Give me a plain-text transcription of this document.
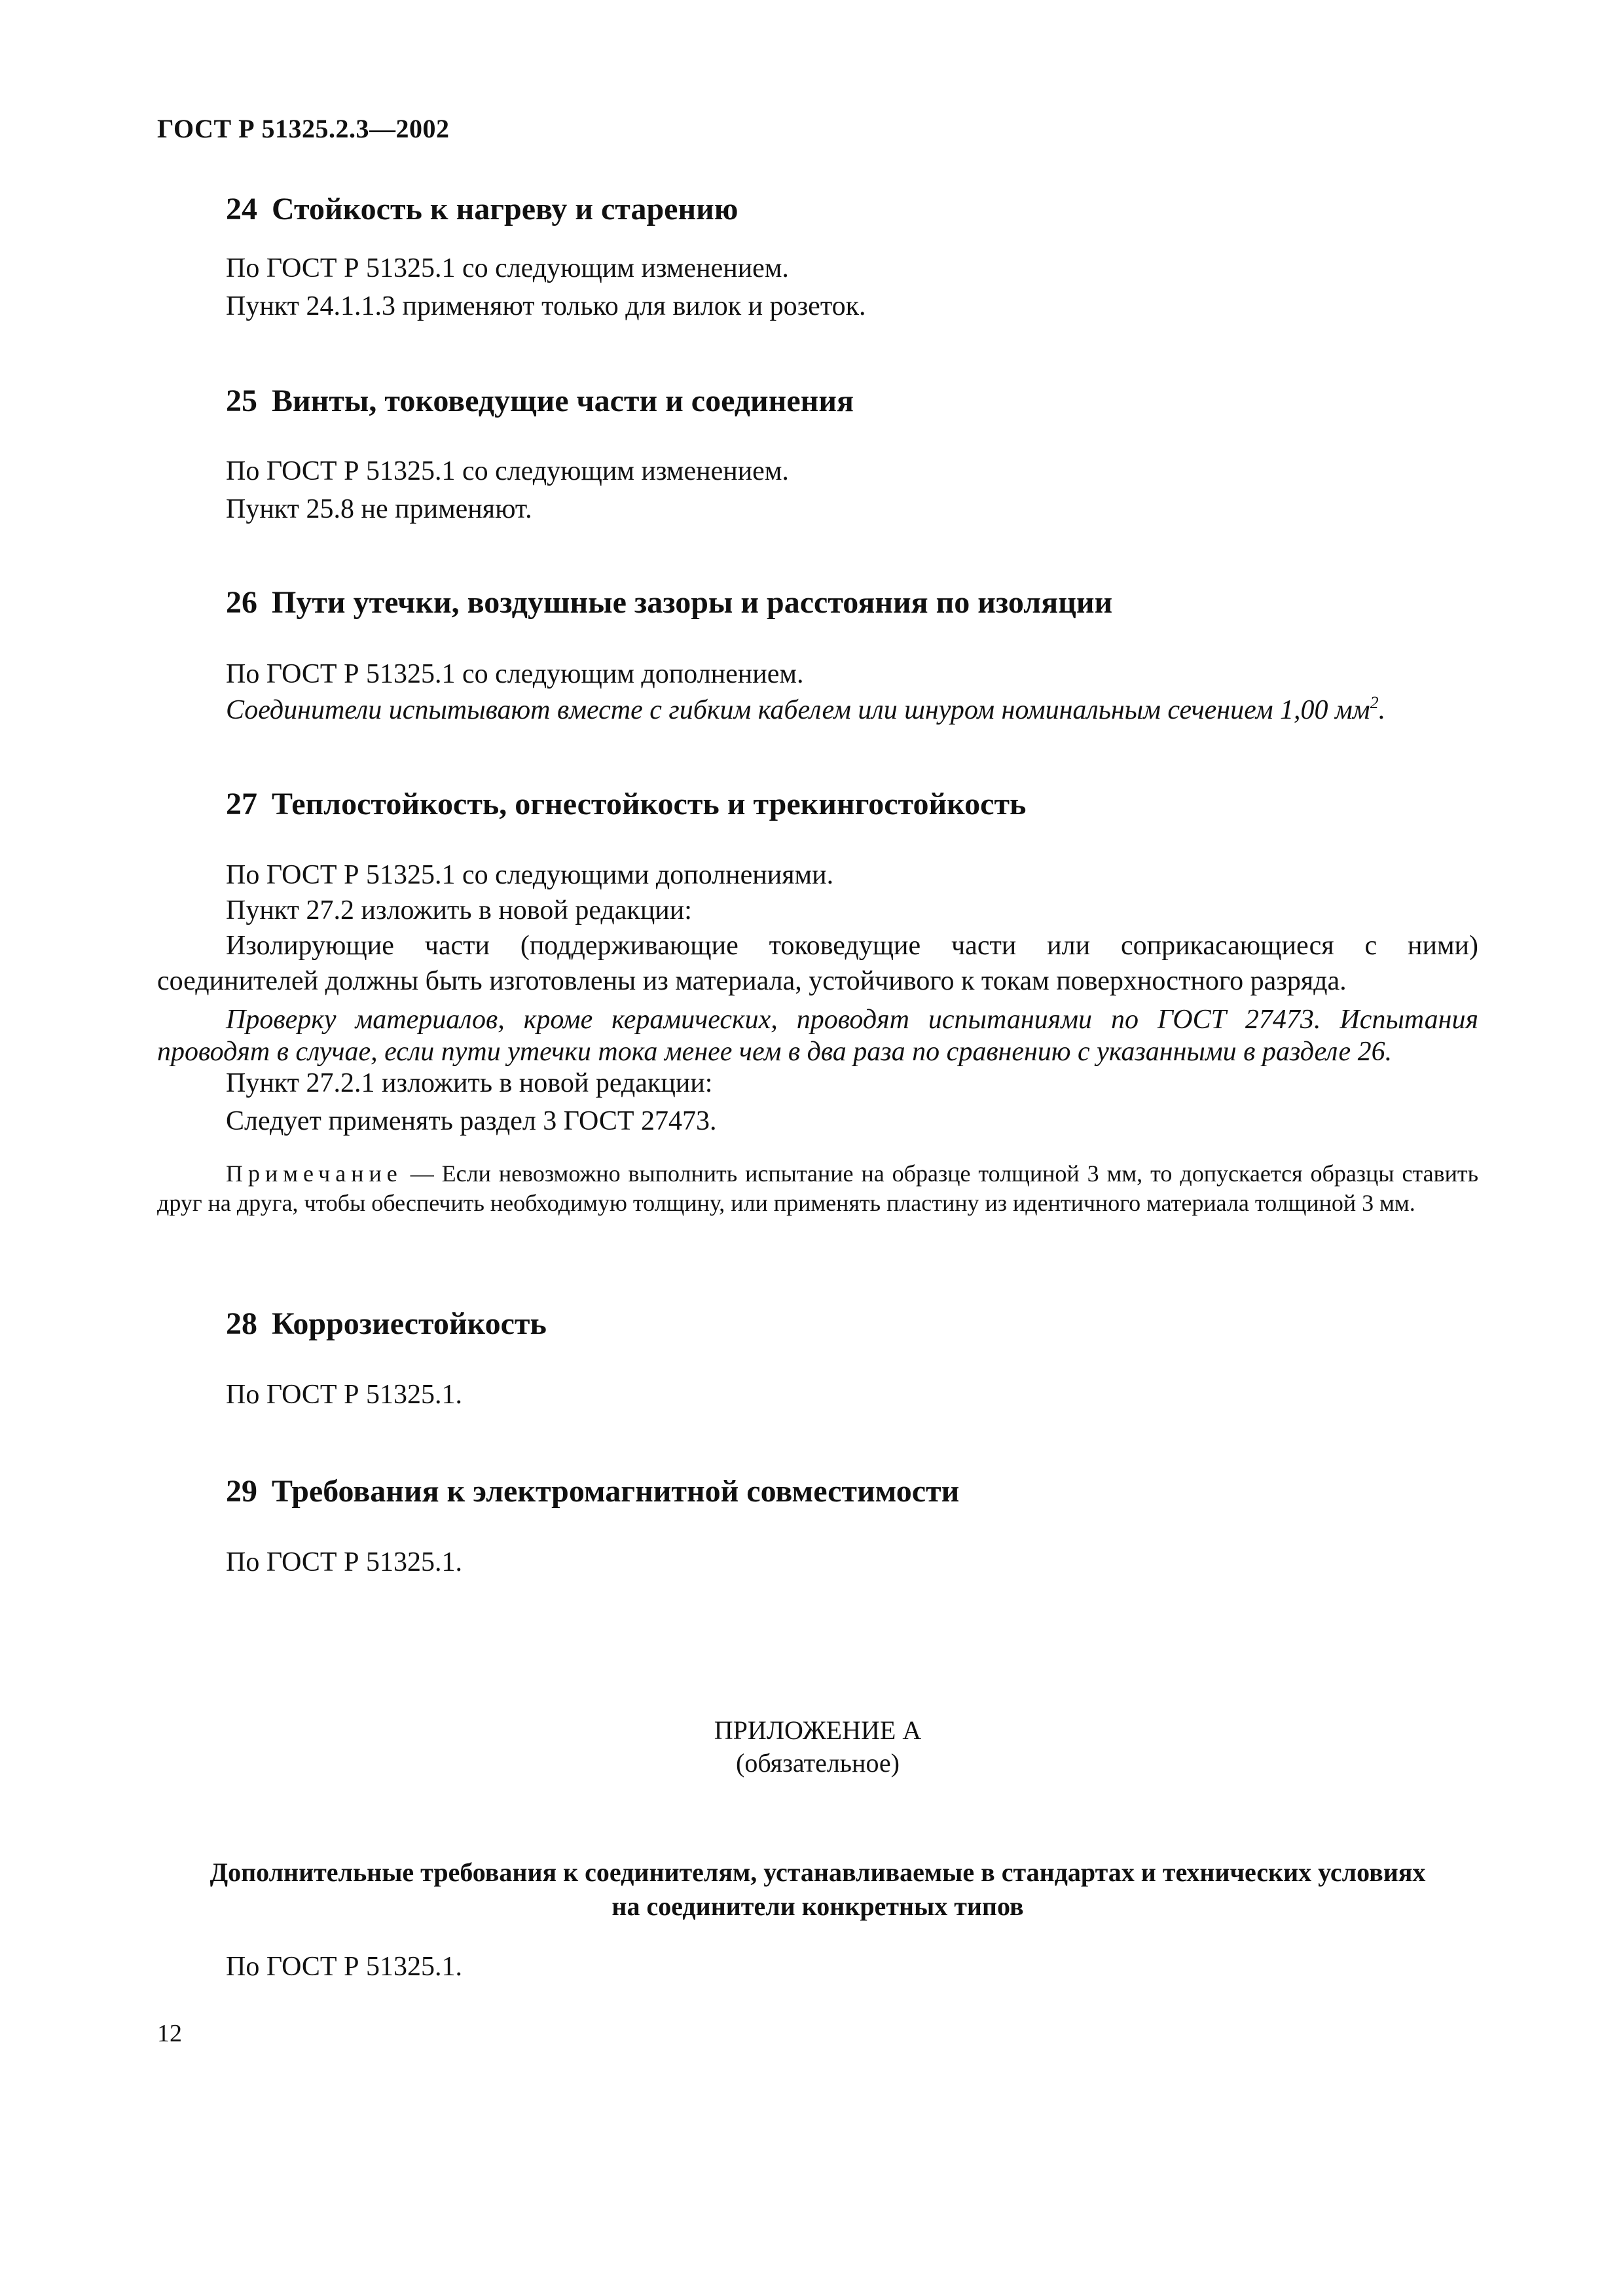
ГОСТ Р 51325.2.3—2002
24 Стойкость к нагреву и старению
По ГОСТ Р 51325.1 со следующим изменением.
Пункт 24.1.1.3 применяют только для вилок и розеток.
25 Винты, токоведущие части и соединения
По ГОСТ Р 51325.1 со следующим изменением.
Пункт 25.8 не применяют.
26 Пути утечки, воздушные зазоры и расстояния по изоляции
По ГОСТ Р 51325.1 со следующим дополнением.
Соединители испытывают вместе с гибким кабелем или шнуром номинальным сечением 1,00 $мм^2$.
27 Теплостойкость, огнестойкость и трекингостойкость
По ГОСТ Р 51325.1 со следующими дополнениями.
Пункт 27.2 изложить в новой редакции:
Изолирующие части (поддерживающие токоведущие части или соприкасающиеся с ними)
соединителей должны быть изготовлены из материала, устойчивого к токам поверхностного разряда.
Проверку материалов, кроме керамических, проводят испытаниями по ГОСТ 27473. Испытания
проводят в случае, если пути утечки тока менее чем в два раза по сравнению с указанными в разделе 26.
Пункт 27.2.1 изложить в новой редакции:
Следует применять раздел 3 ГОСТ 27473.
Примечание — Если невозможно выполнить испытание на образце толщиной 3 мм, то допускается образцы ставить друг на друга, чтобы обеспечить необходимую толщину, или применять пластину из идентичного материала толщиной 3 мм.
28 Коррозиестойкость
По ГОСТ Р 51325.1.
29 Требования к электромагнитной совместимости
По ГОСТ Р 51325.1.
ПРИЛОЖЕНИЕ А
(обязательное)
Дополнительные требования к соединителям, устанавливаемые в стандартах и технических условиях
на соединители конкретных типов
По ГОСТ Р 51325.1.
12
